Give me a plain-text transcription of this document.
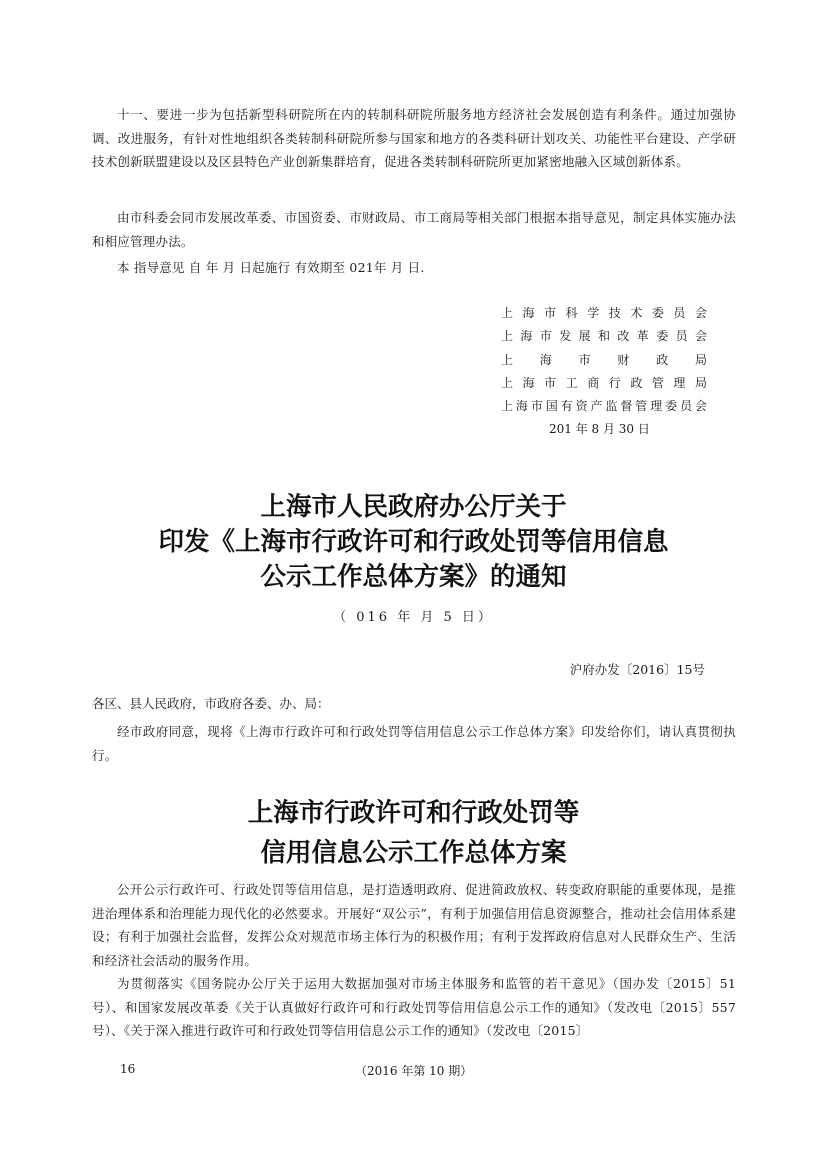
十一、要进一步为包括新型科研院所在内的转制科研院所服务地方经济社会发展创造有利条件。通过加强协调、改进服务，有针对性地组织各类转制科研院所参与国家和地方的各类科研计划攻关、功能性平台建设、产学研技术创新联盟建设以及区县特色产业创新集群培育，促进各类转制科研院所更加紧密地融入区域创新体系。

由市科委会同市发展改革委、市国资委、市财政局、市工商局等相关部门根据本指导意见，制定具体实施办法和相应管理办法。

本 指导意见 自 年 月 日起施行 有效期至 021年 月 日.

上海市科学技术委员会
上海市发展和改革委员会
上海市财政局
上海市工商行政管理局
上海市国有资产监督管理委员会
201 年 8 月 30 日
上海市人民政府办公厅关于
印发《上海市行政许可和行政处罚等信用信息
公示工作总体方案》的通知
（ 016 年 月 5 日）
沪府办发〔2016〕15号
各区、县人民政府，市政府各委、办、局：

经市政府同意，现将《上海市行政许可和行政处罚等信用信息公示工作总体方案》印发给你们，请认真贯彻执行。

上海市行政许可和行政处罚等
信用信息公示工作总体方案

公开公示行政许可、行政处罚等信用信息，是打造透明政府、促进简政放权、转变政府职能的重要体现，是推进治理体系和治理能力现代化的必然要求。开展好“双公示”，有利于加强信用信息资源整合，推动社会信用体系建设；有利于加强社会监督，发挥公众对规范市场主体行为的积极作用；有利于发挥政府信息对人民群众生产、生活和经济社会活动的服务作用。

为贯彻落实《国务院办公厅关于运用大数据加强对市场主体服务和监管的若干意见》（国办发〔2015〕51号）、和国家发展改革委《关于认真做好行政许可和行政处罚等信用信息公示工作的通知》（发改电〔2015〕557号）、《关于深入推进行政许可和行政处罚等信用信息公示工作的通知》（发改电〔2015〕

16	（2016 年第 10 期）
